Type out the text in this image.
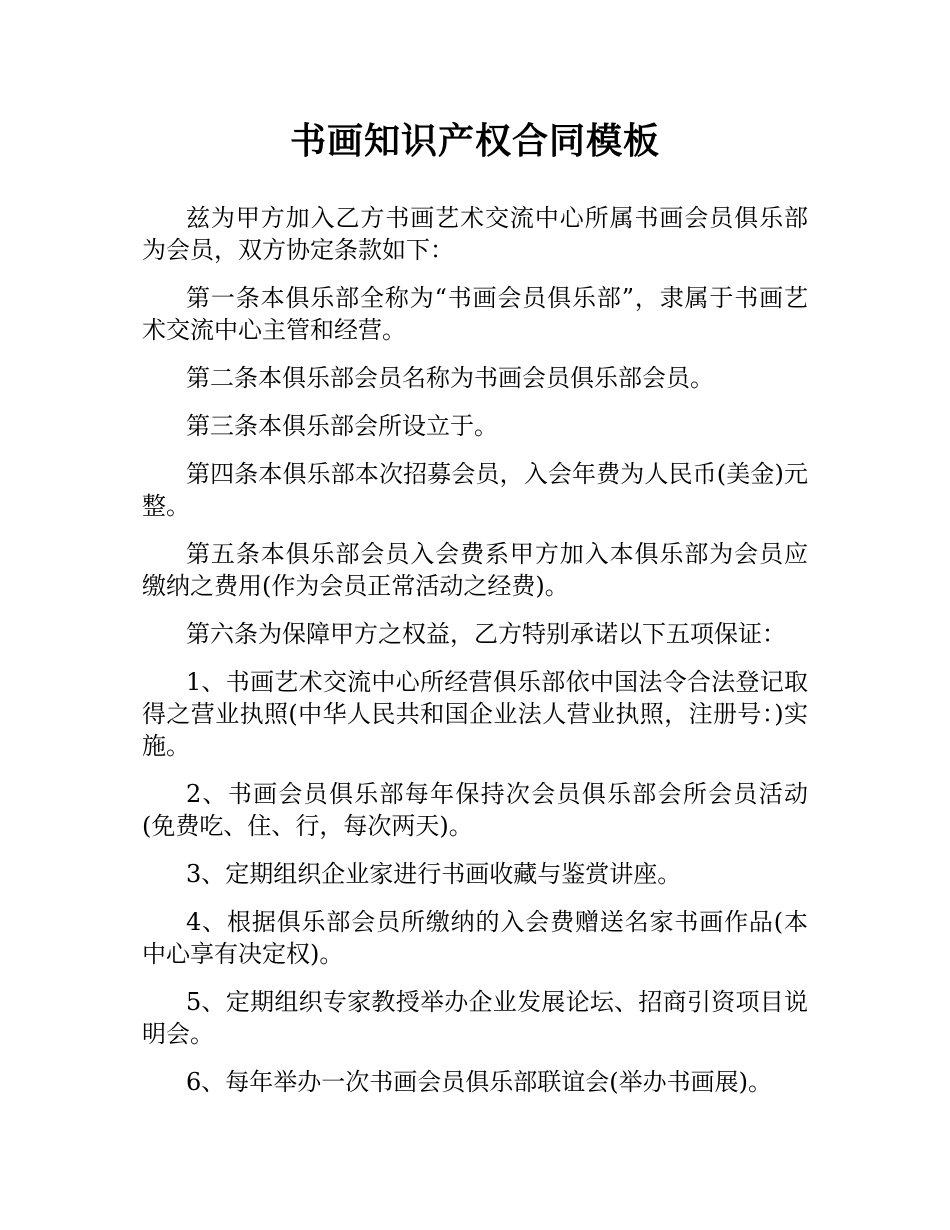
书画知识产权合同模板

兹为甲方加入乙方书画艺术交流中心所属书画会员俱乐部为会员，双方协定条款如下：

第一条本俱乐部全称为“书画会员俱乐部”，隶属于书画艺术交流中心主管和经营。

第二条本俱乐部会员名称为书画会员俱乐部会员。

第三条本俱乐部会所设立于。

第四条本俱乐部本次招募会员，入会年费为人民币(美金)元整。

第五条本俱乐部会员入会费系甲方加入本俱乐部为会员应缴纳之费用(作为会员正常活动之经费)。

第六条为保障甲方之权益，乙方特别承诺以下五项保证：

1、书画艺术交流中心所经营俱乐部依中国法令合法登记取得之营业执照(中华人民共和国企业法人营业执照，注册号：)实施。

2、书画会员俱乐部每年保持次会员俱乐部会所会员活动(免费吃、住、行，每次两天)。

3、定期组织企业家进行书画收藏与鉴赏讲座。

4、根据俱乐部会员所缴纳的入会费赠送名家书画作品(本中心享有决定权)。

5、定期组织专家教授举办企业发展论坛、招商引资项目说明会。

6、每年举办一次书画会员俱乐部联谊会(举办书画展)。
